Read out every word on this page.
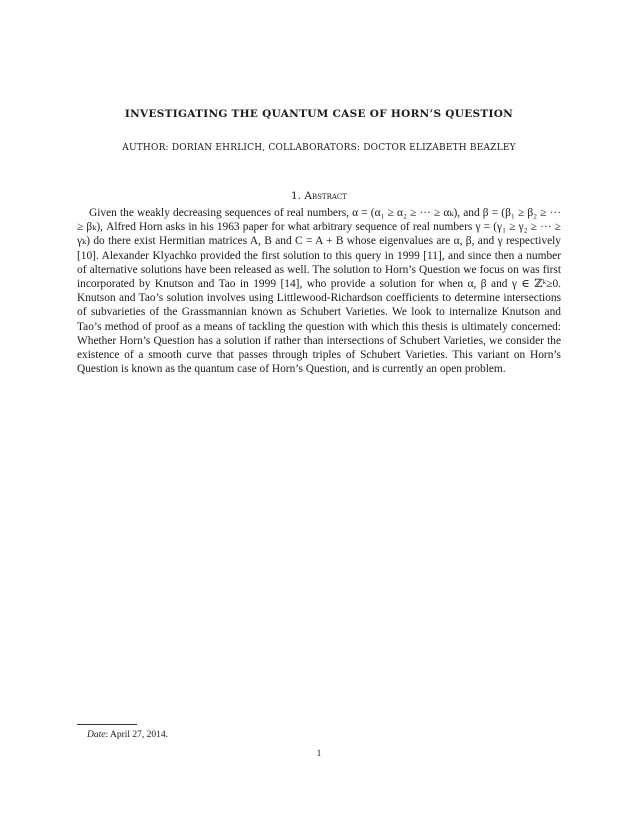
INVESTIGATING THE QUANTUM CASE OF HORN’S QUESTION
AUTHOR: DORIAN EHRLICH, COLLABORATORS: DOCTOR ELIZABETH BEAZLEY
1. Abstract

Given the weakly decreasing sequences of real numbers, α = (α₁ ≥ α₂ ≥ ··· ≥ αₖ), and β = (β₁ ≥ β₂ ≥ ··· ≥ βₖ), Alfred Horn asks in his 1963 paper for what arbitrary sequence of real numbers γ = (γ₁ ≥ γ₂ ≥ ··· ≥ γₖ) do there exist Hermitian matrices A, B and C = A + B whose eigenvalues are α, β, and γ respectively [10]. Alexander Klyachko provided the first solution to this query in 1999 [11], and since then a number of alternative solutions have been released as well. The solution to Horn’s Question we focus on was first incorporated by Knutson and Tao in 1999 [14], who provide a solution for when α, β and γ ∈ ℤᵏ≥0. Knutson and Tao’s solution involves using Littlewood-Richardson coefficients to determine intersections of subvarieties of the Grassmannian known as Schubert Varieties. We look to internalize Knutson and Tao’s method of proof as a means of tackling the question with which this thesis is ultimately concerned: Whether Horn’s Question has a solution if rather than intersections of Schubert Varieties, we consider the existence of a smooth curve that passes through triples of Schubert Varieties. This variant on Horn’s Question is known as the quantum case of Horn’s Question, and is currently an open problem.

Date: April 27, 2014.
1
